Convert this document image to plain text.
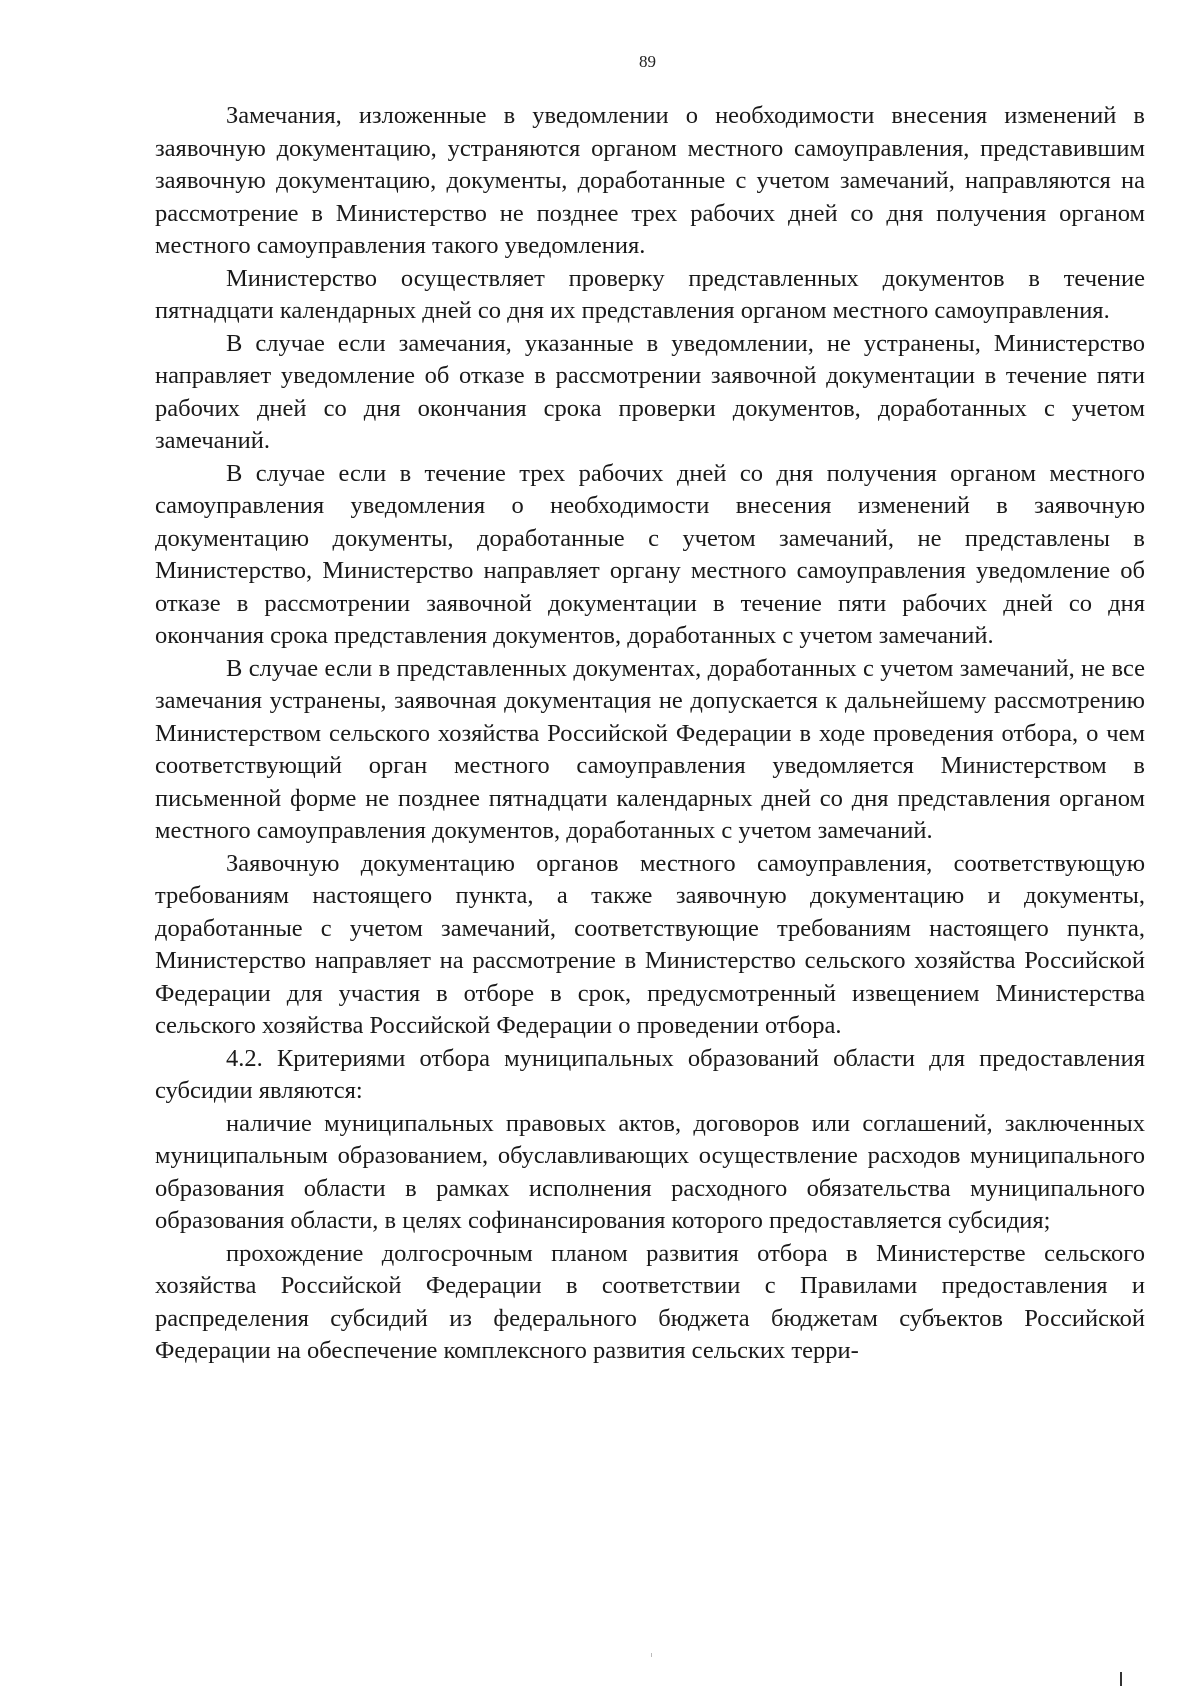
89

Замечания, изложенные в уведомлении о необходимости внесения изменений в заявочную документацию, устраняются органом местного самоуправления, представившим заявочную документацию, документы, доработанные с учетом замечаний, направляются на рассмотрение в Министерство не позднее трех рабочих дней со дня получения органом местного самоуправления такого уведомления.

Министерство осуществляет проверку представленных документов в течение пятнадцати календарных дней со дня их представления органом местного самоуправления.

В случае если замечания, указанные в уведомлении, не устранены, Министерство направляет уведомление об отказе в рассмотрении заявочной документации в течение пяти рабочих дней со дня окончания срока проверки документов, доработанных с учетом замечаний.

В случае если в течение трех рабочих дней со дня получения органом местного самоуправления уведомления о необходимости внесения изменений в заявочную документацию документы, доработанные с учетом замечаний, не представлены в Министерство, Министерство направляет органу местного самоуправления уведомление об отказе в рассмотрении заявочной документации в течение пяти рабочих дней со дня окончания срока представления документов, доработанных с учетом замечаний.

В случае если в представленных документах, доработанных с учетом замечаний, не все замечания устранены, заявочная документация не допускается к дальнейшему рассмотрению Министерством сельского хозяйства Российской Федерации в ходе проведения отбора, о чем соответствующий орган местного самоуправления уведомляется Министерством в письменной форме не позднее пятнадцати календарных дней со дня представления органом местного самоуправления документов, доработанных с учетом замечаний.

Заявочную документацию органов местного самоуправления, соответствующую требованиям настоящего пункта, а также заявочную документацию и документы, доработанные с учетом замечаний, соответствующие требованиям настоящего пункта, Министерство направляет на рассмотрение в Министерство сельского хозяйства Российской Федерации для участия в отборе в срок, предусмотренный извещением Министерства сельского хозяйства Российской Федерации о проведении отбора.

4.2. Критериями отбора муниципальных образований области для предоставления субсидии являются:

наличие муниципальных правовых актов, договоров или соглашений, заключенных муниципальным образованием, обуславливающих осуществление расходов муниципального образования области в рамках исполнения расходного обязательства муниципального образования области, в целях софинансирования которого предоставляется субсидия;

прохождение долгосрочным планом развития отбора в Министерстве сельского хозяйства Российской Федерации в соответствии с Правилами предоставления и распределения субсидий из федерального бюджета бюджетам субъектов Российской Федерации на обеспечение комплексного развития сельских терри-
